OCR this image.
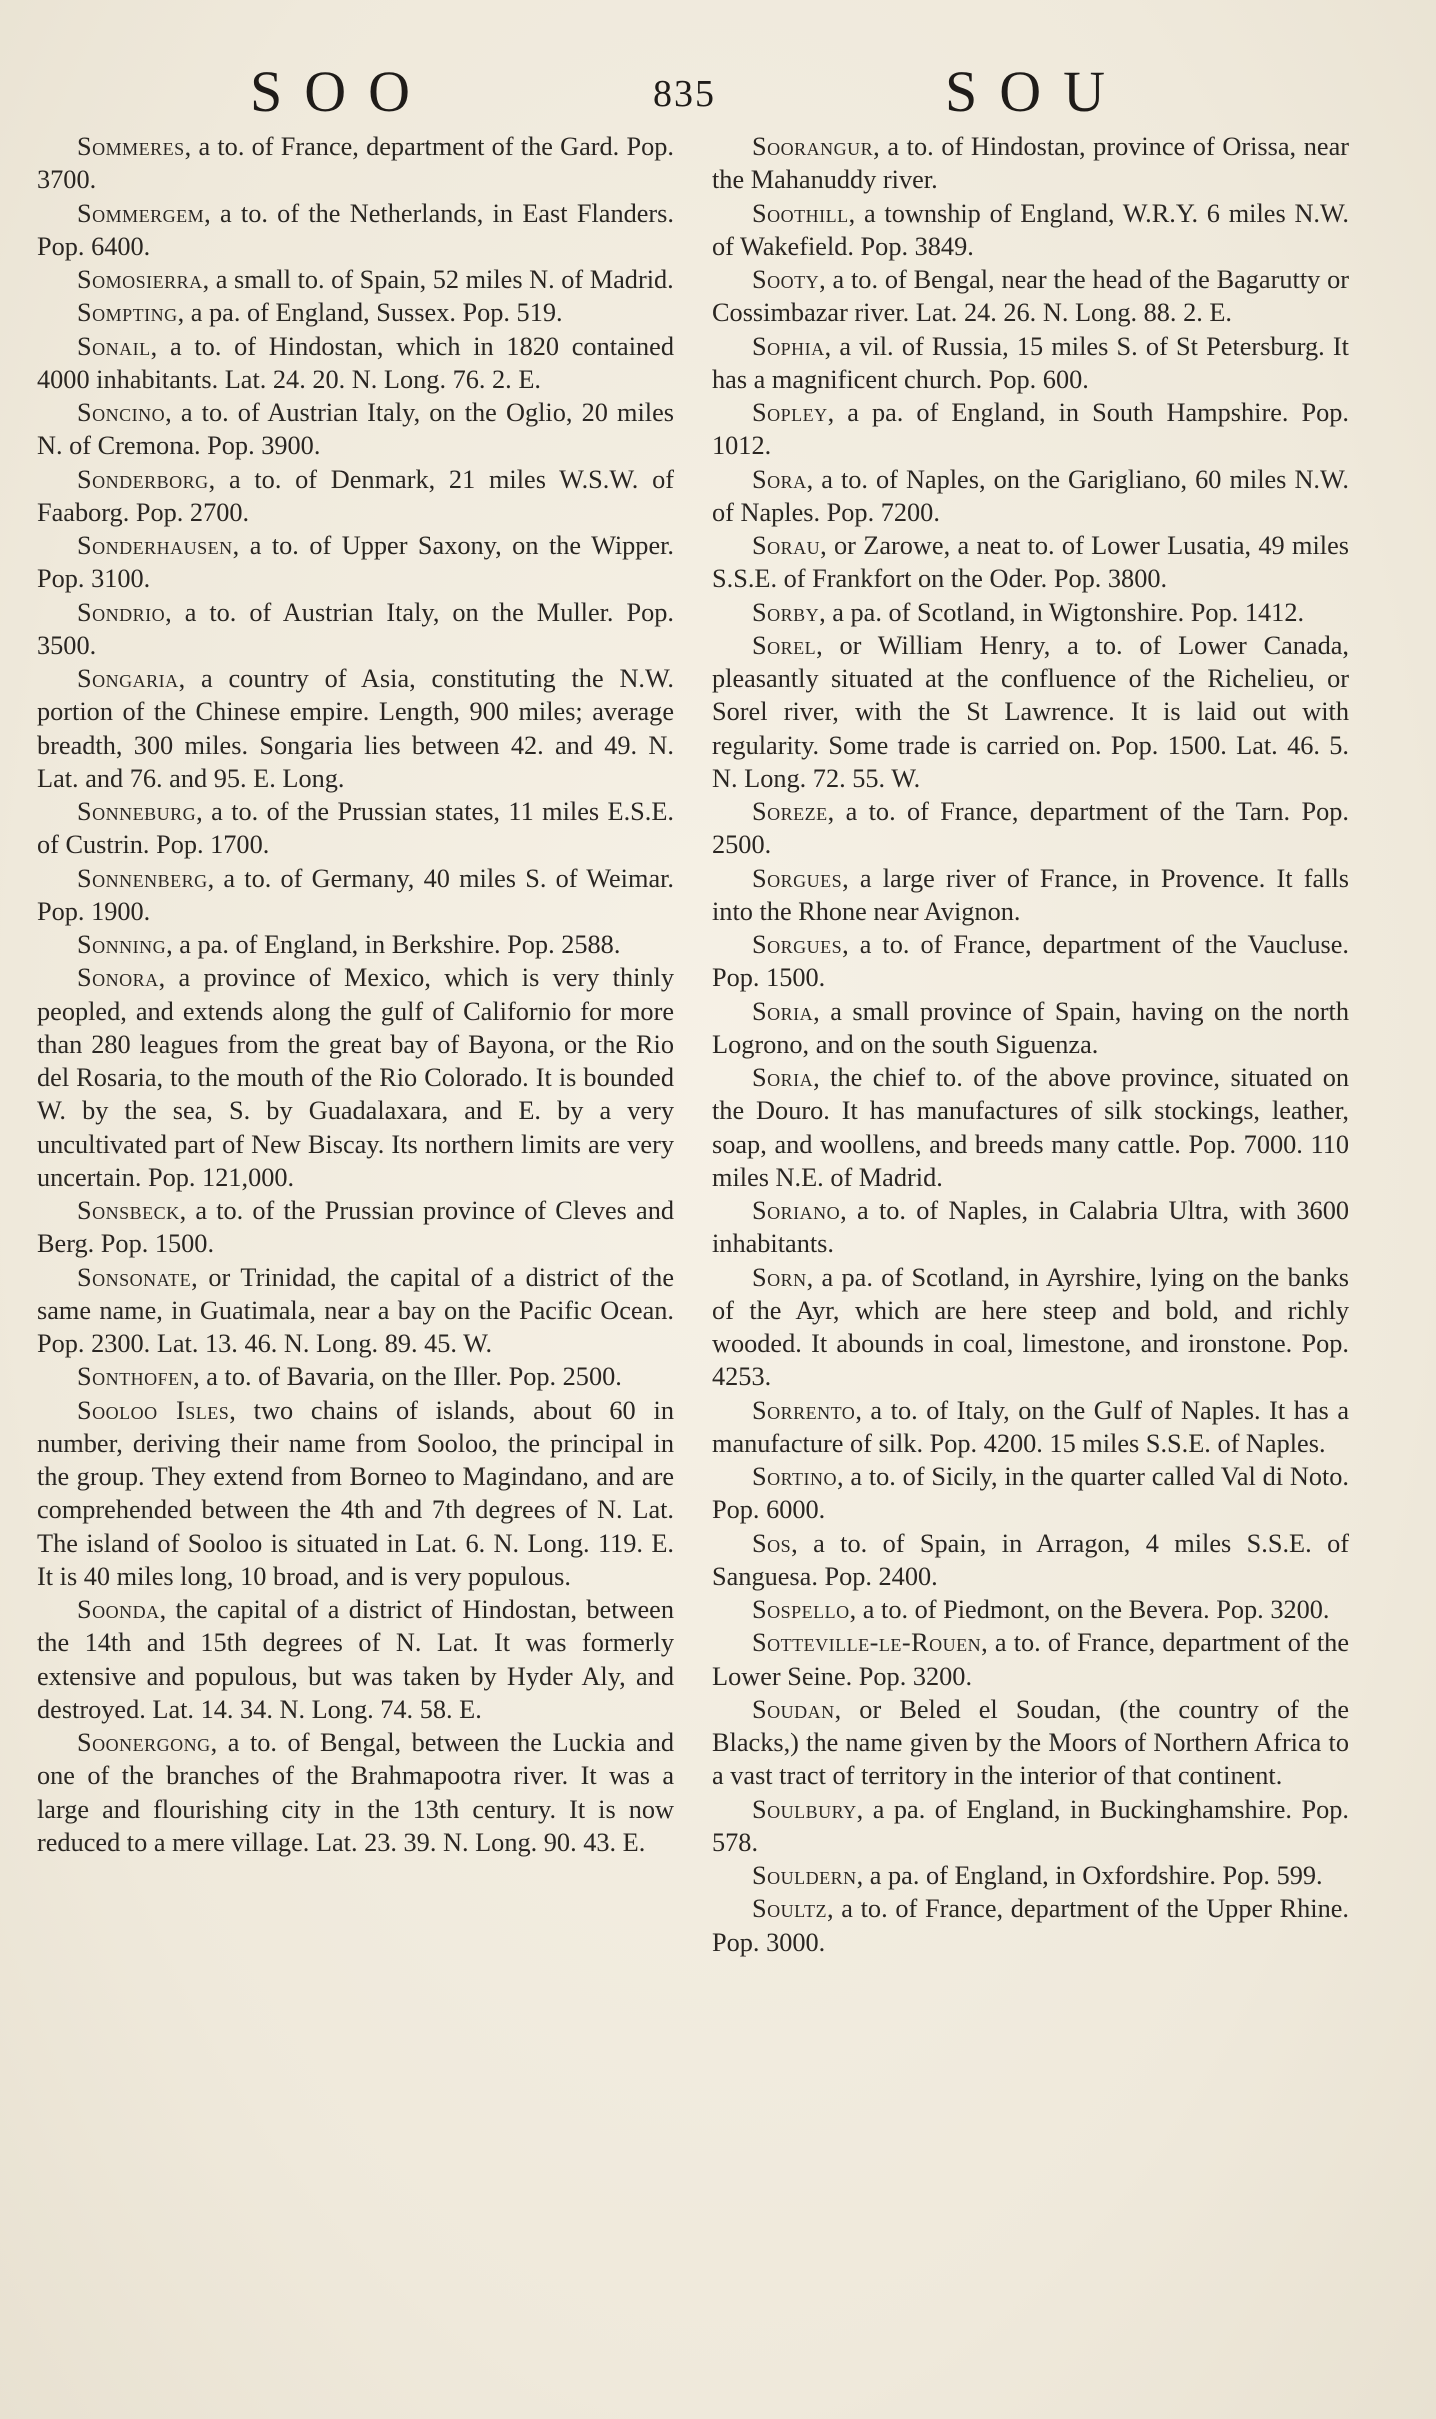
SOO	835	SOU

Sommeres, a to. of France, department of the Gard. Pop. 3700.

Sommergem, a to. of the Netherlands, in East Flanders. Pop. 6400.

Somosierra, a small to. of Spain, 52 miles N. of Madrid.

Sompting, a pa. of England, Sussex. Pop. 519.

Sonail, a to. of Hindostan, which in 1820 contained 4000 inhabitants. Lat. 24. 20. N. Long. 76. 2. E.

Soncino, a to. of Austrian Italy, on the Oglio, 20 miles N. of Cremona. Pop. 3900.

Sonderborg, a to. of Denmark, 21 miles W.S.W. of Faaborg. Pop. 2700.

Sonderhausen, a to. of Upper Saxony, on the Wipper. Pop. 3100.

Sondrio, a to. of Austrian Italy, on the Muller. Pop. 3500.

Songaria, a country of Asia, constituting the N.W. portion of the Chinese empire. Length, 900 miles; average breadth, 300 miles. Songaria lies between 42. and 49. N. Lat. and 76. and 95. E. Long.

Sonneburg, a to. of the Prussian states, 11 miles E.S.E. of Custrin. Pop. 1700.

Sonnenberg, a to. of Germany, 40 miles S. of Weimar. Pop. 1900.

Sonning, a pa. of England, in Berkshire. Pop. 2588.

Sonora, a province of Mexico, which is very thinly peopled, and extends along the gulf of Californio for more than 280 leagues from the great bay of Bayona, or the Rio del Rosaria, to the mouth of the Rio Colorado. It is bounded W. by the sea, S. by Guadalaxara, and E. by a very uncultivated part of New Biscay. Its northern limits are very uncertain. Pop. 121,000.

Sonsbeck, a to. of the Prussian province of Cleves and Berg. Pop. 1500.

Sonsonate, or Trinidad, the capital of a district of the same name, in Guatimala, near a bay on the Pacific Ocean. Pop. 2300. Lat. 13. 46. N. Long. 89. 45. W.

Sonthofen, a to. of Bavaria, on the Iller. Pop. 2500.

Sooloo Isles, two chains of islands, about 60 in number, deriving their name from Sooloo, the principal in the group. They extend from Borneo to Magindano, and are comprehended between the 4th and 7th degrees of N. Lat. The island of Sooloo is situated in Lat. 6. N. Long. 119. E. It is 40 miles long, 10 broad, and is very populous.

Soonda, the capital of a district of Hindostan, between the 14th and 15th degrees of N. Lat. It was formerly extensive and populous, but was taken by Hyder Aly, and destroyed. Lat. 14. 34. N. Long. 74. 58. E.

Soonergong, a to. of Bengal, between the Luckia and one of the branches of the Brahmapootra river. It was a large and flourishing city in the 13th century. It is now reduced to a mere village. Lat. 23. 39. N. Long. 90. 43. E.

Soorangur, a to. of Hindostan, province of Orissa, near the Mahanuddy river.

Soothill, a township of England, W.R.Y. 6 miles N.W. of Wakefield. Pop. 3849.

Sooty, a to. of Bengal, near the head of the Bagarutty or Cossimbazar river. Lat. 24. 26. N. Long. 88. 2. E.

Sophia, a vil. of Russia, 15 miles S. of St Petersburg. It has a magnificent church. Pop. 600.

Sopley, a pa. of England, in South Hampshire. Pop. 1012.

Sora, a to. of Naples, on the Garigliano, 60 miles N.W. of Naples. Pop. 7200.

Sorau, or Zarowe, a neat to. of Lower Lusatia, 49 miles S.S.E. of Frankfort on the Oder. Pop. 3800.

Sorby, a pa. of Scotland, in Wigtonshire. Pop. 1412.

Sorel, or William Henry, a to. of Lower Canada, pleasantly situated at the confluence of the Richelieu, or Sorel river, with the St Lawrence. It is laid out with regularity. Some trade is carried on. Pop. 1500. Lat. 46. 5. N. Long. 72. 55. W.

Soreze, a to. of France, department of the Tarn. Pop. 2500.

Sorgues, a large river of France, in Provence. It falls into the Rhone near Avignon.

Sorgues, a to. of France, department of the Vaucluse. Pop. 1500.

Soria, a small province of Spain, having on the north Logrono, and on the south Siguenza.

Soria, the chief to. of the above province, situated on the Douro. It has manufactures of silk stockings, leather, soap, and woollens, and breeds many cattle. Pop. 7000. 110 miles N.E. of Madrid.

Soriano, a to. of Naples, in Calabria Ultra, with 3600 inhabitants.

Sorn, a pa. of Scotland, in Ayrshire, lying on the banks of the Ayr, which are here steep and bold, and richly wooded. It abounds in coal, limestone, and ironstone. Pop. 4253.

Sorrento, a to. of Italy, on the Gulf of Naples. It has a manufacture of silk. Pop. 4200. 15 miles S.S.E. of Naples.

Sortino, a to. of Sicily, in the quarter called Val di Noto. Pop. 6000.

Sos, a to. of Spain, in Arragon, 4 miles S.S.E. of Sanguesa. Pop. 2400.

Sospello, a to. of Piedmont, on the Bevera. Pop. 3200.

Sotteville-le-Rouen, a to. of France, department of the Lower Seine. Pop. 3200.

Soudan, or Beled el Soudan, (the country of the Blacks,) the name given by the Moors of Northern Africa to a vast tract of territory in the interior of that continent.

Soulbury, a pa. of England, in Buckinghamshire. Pop. 578.

Souldern, a pa. of England, in Oxfordshire. Pop. 599.

Soultz, a to. of France, department of the Upper Rhine. Pop. 3000.
